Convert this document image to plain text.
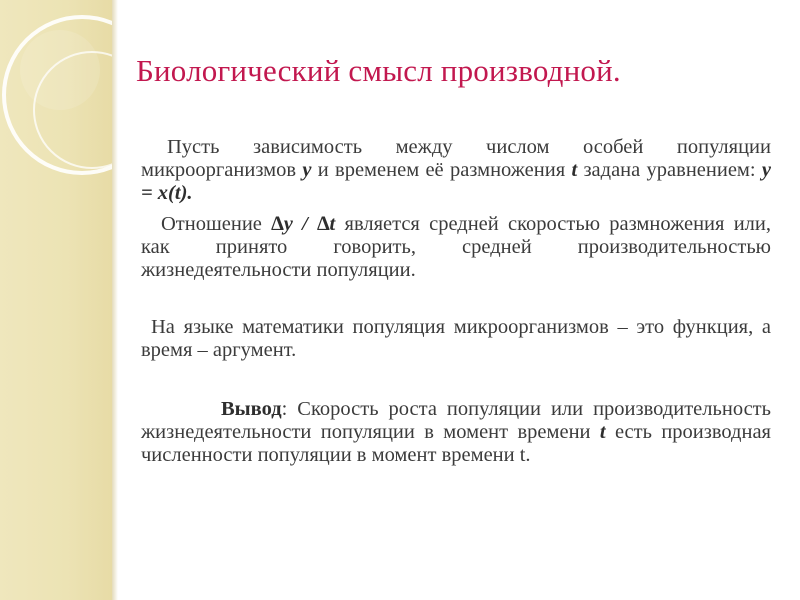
Биологический смысл производной.

Пусть зависимость между числом особей популяции микроорганизмов y и временем её размножения t задана уравнением: y = x(t).

Отношение ∆y / ∆t является средней скоростью размножения или, как принято говорить, средней производительностью жизнедеятельности популяции.

На языке математики популяция микроорганизмов – это функция, а время – аргумент.

Вывод: Скорость роста популяции или производительность жизнедеятельности популяции в момент времени t есть производная численности популяции в момент времени t.
